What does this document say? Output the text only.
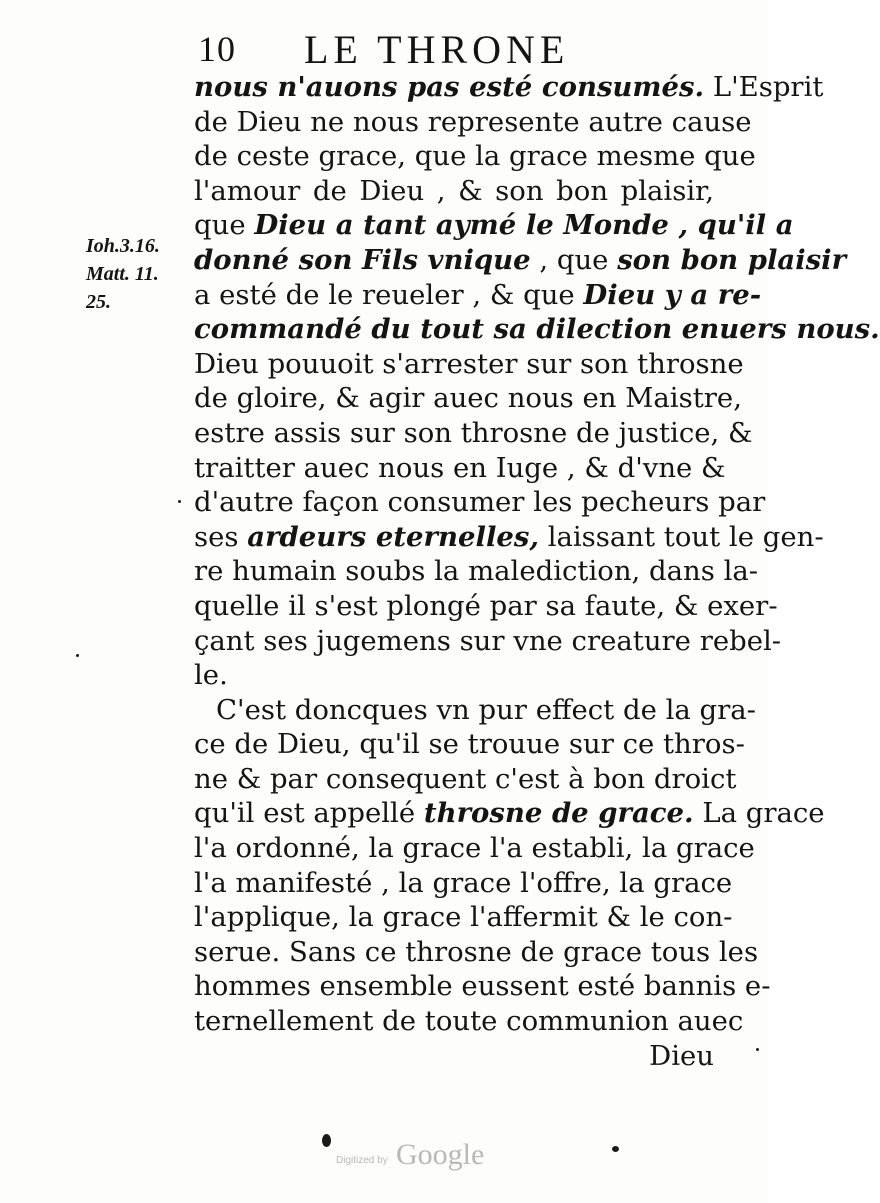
10 LE THRONE
Ioh.3.16.
Matt. 11.
25.
nous n'auons pas esté consumés. L'Esprit
de Dieu ne nous represente autre cause
de ceste grace, que la grace mesme que
l'amour de Dieu , & son bon plaisir,
que Dieu a tant aymé le Monde , qu'il a
donné son Fils vnique , que son bon plaisir
a esté de le reueler , & que Dieu y a re-
commandé du tout sa dilection enuers nous.
Dieu pouuoit s'arrester sur son throsne
de gloire, & agir auec nous en Maistre,
estre assis sur son throsne de justice, &
traitter auec nous en Iuge , & d'vne &
d'autre façon consumer les pecheurs par
ses ardeurs eternelles, laissant tout le gen-
re humain soubs la malediction, dans la-
quelle il s'est plongé par sa faute, & exer-
çant ses jugemens sur vne creature rebel-
le.
C'est doncques vn pur effect de la gra-
ce de Dieu, qu'il se trouue sur ce thros-
ne & par consequent c'est à bon droict
qu'il est appellé throsne de grace. La grace
l'a ordonné, la grace l'a establi, la grace
l'a manifesté , la grace l'offre, la grace
l'applique, la grace l'affermit & le con-
serue. Sans ce throsne de grace tous les
hommes ensemble eussent esté bannis e-
ternellement de toute communion auec
Dieu
Digitized by Google
